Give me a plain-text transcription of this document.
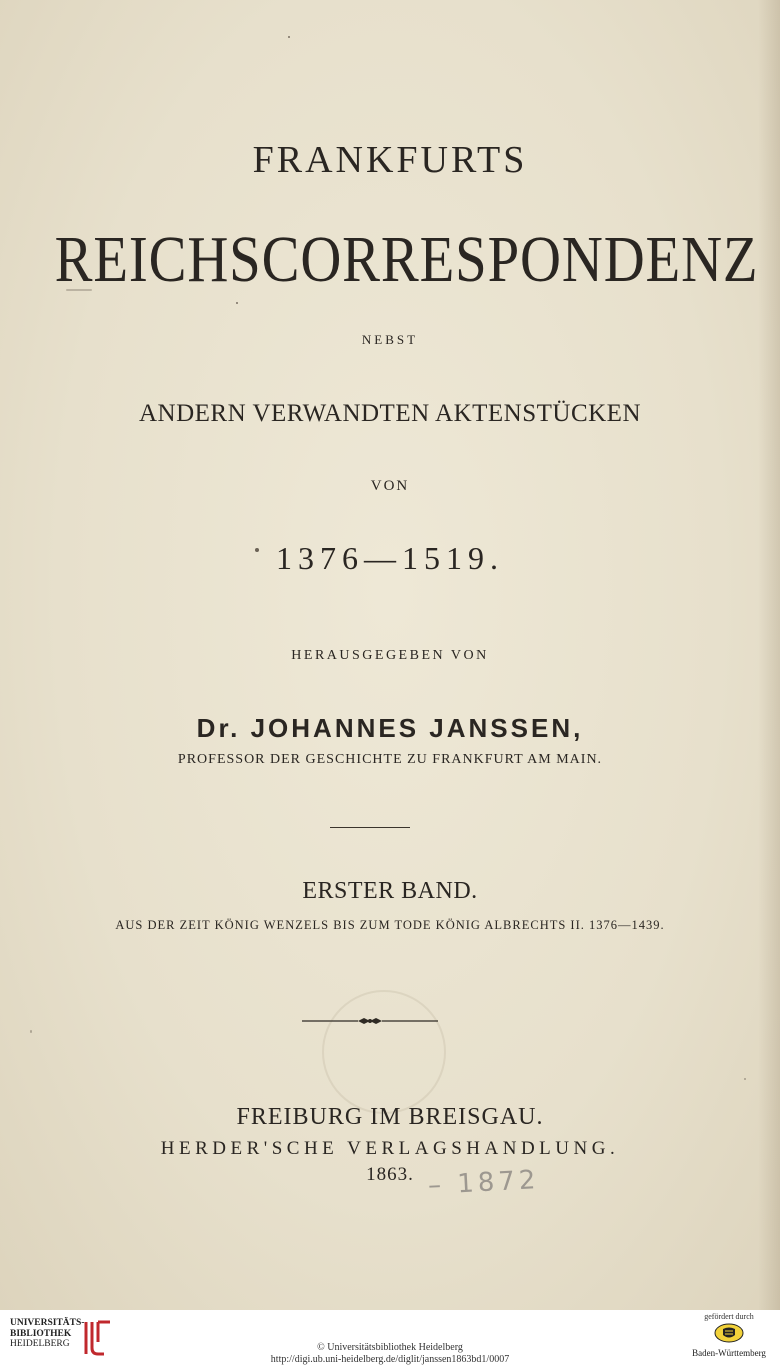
FRANKFURTS
REICHSCORRESPONDENZ
NEBST
ANDERN VERWANDTEN AKTENSTÜCKEN
VON
1376—1519.
HERAUSGEGEBEN VON
Dr. JOHANNES JANSSEN,
PROFESSOR DER GESCHICHTE ZU FRANKFURT AM MAIN.
ERSTER BAND.
AUS DER ZEIT KÖNIG WENZELS BIS ZUM TODE KÖNIG ALBRECHTS II. 1376—1439.
FREIBURG IM BREISGAU.
HERDER'SCHE VERLAGSHANDLUNG.
1863. – 1872
UNIVERSITÄTS-
BIBLIOTHEK
HEIDELBERG	© Universitätsbibliothek Heidelberg
http://digi.ub.uni-heidelberg.de/diglit/janssen1863bd1/0007
gefördert durch
Baden-Württemberg
